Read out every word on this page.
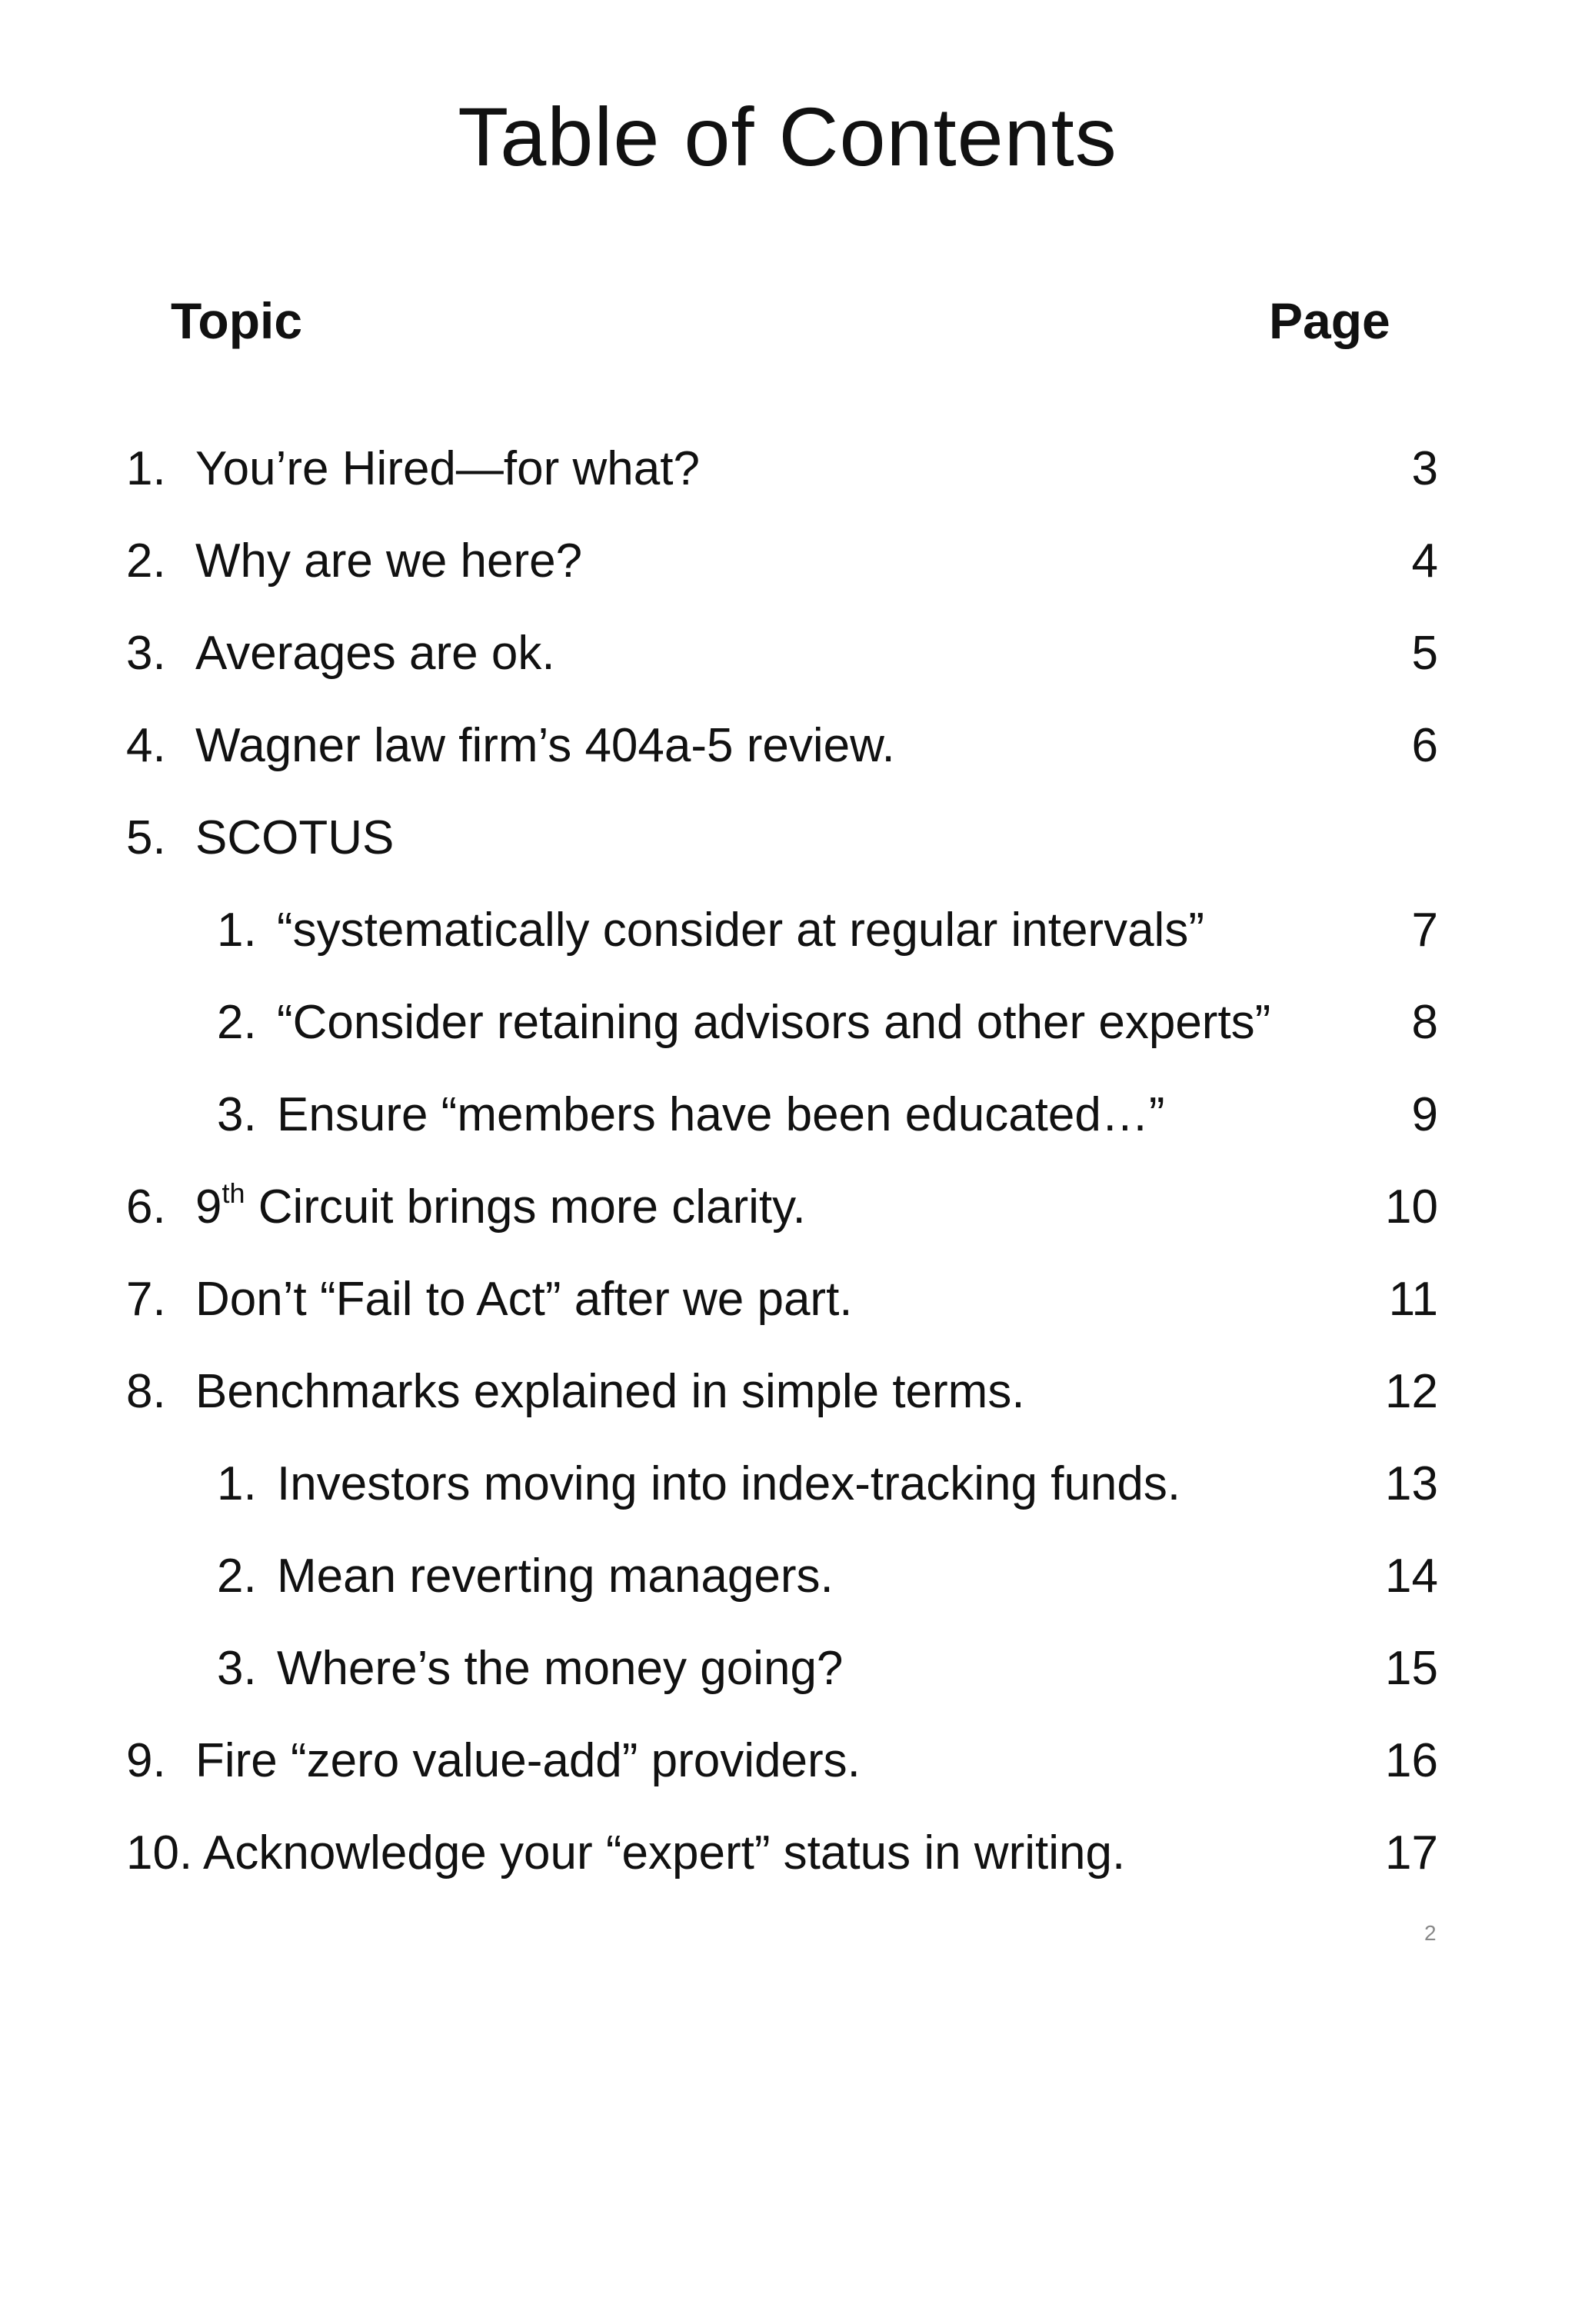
Table of Contents
Topic	Page
1. You’re Hired—for what?	3
2. Why are we here?	4
3. Averages are ok.	5
4. Wagner law firm’s 404a-5 review.	6
5. SCOTUS
1. “systematically consider at regular intervals”	7
2. “Consider retaining advisors and other experts”	8
3. Ensure “members have been educated…”	9
6. 9th Circuit brings more clarity.	10
7. Don’t “Fail to Act” after we part.	11
8. Benchmarks explained in simple terms.	12
1. Investors moving into index-tracking funds.	13
2. Mean reverting managers.	14
3. Where’s the money going?	15
9. Fire “zero value-add” providers.	16
10. Acknowledge your “expert” status in writing.	17
2
